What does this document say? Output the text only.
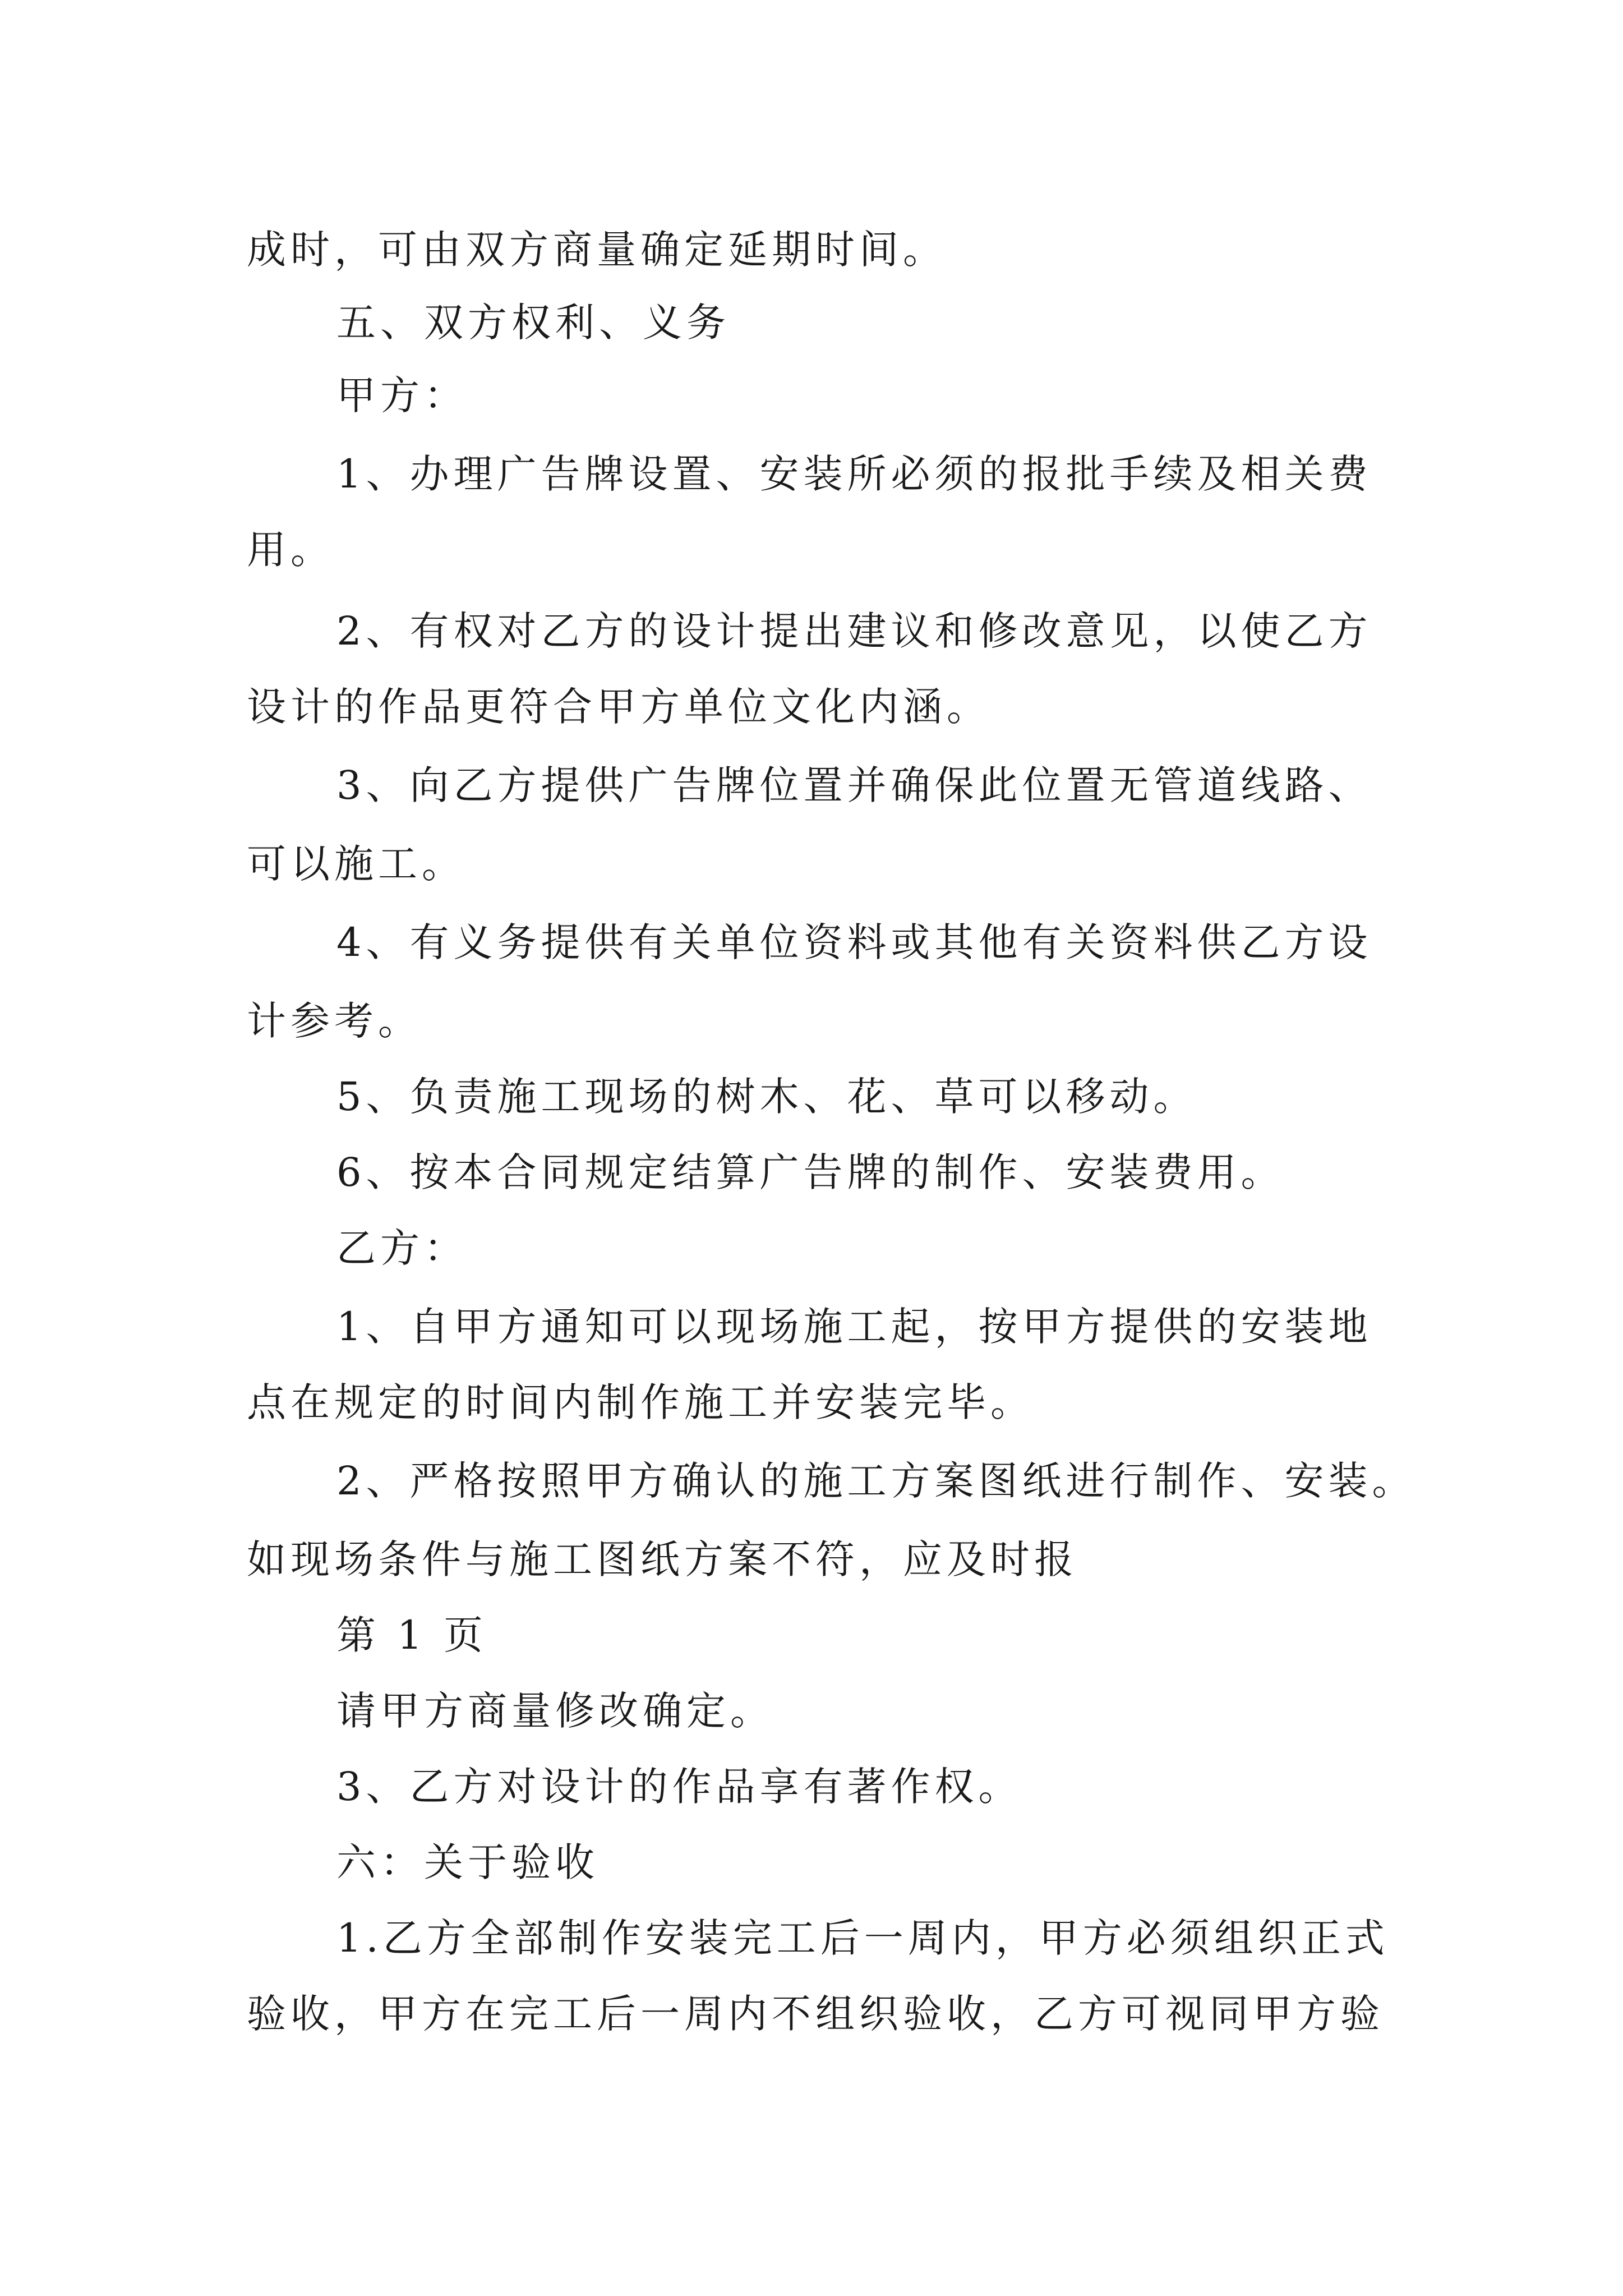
成时，可由双方商量确定延期时间。
五、双方权利、义务
甲方：
1、办理广告牌设置、安装所必须的报批手续及相关费
用。
2、有权对乙方的设计提出建议和修改意见，以使乙方
设计的作品更符合甲方单位文化内涵。
3、向乙方提供广告牌位置并确保此位置无管道线路、
可以施工。
4、有义务提供有关单位资料或其他有关资料供乙方设
计参考。
5、负责施工现场的树木、花、草可以移动。
6、按本合同规定结算广告牌的制作、安装费用。
乙方：
1、自甲方通知可以现场施工起，按甲方提供的安装地
点在规定的时间内制作施工并安装完毕。
2、严格按照甲方确认的施工方案图纸进行制作、安装。
如现场条件与施工图纸方案不符，应及时报
第 1 页
请甲方商量修改确定。
3、乙方对设计的作品享有著作权。
六：关于验收
1.乙方全部制作安装完工后一周内，甲方必须组织正式
验收，甲方在完工后一周内不组织验收，乙方可视同甲方验
